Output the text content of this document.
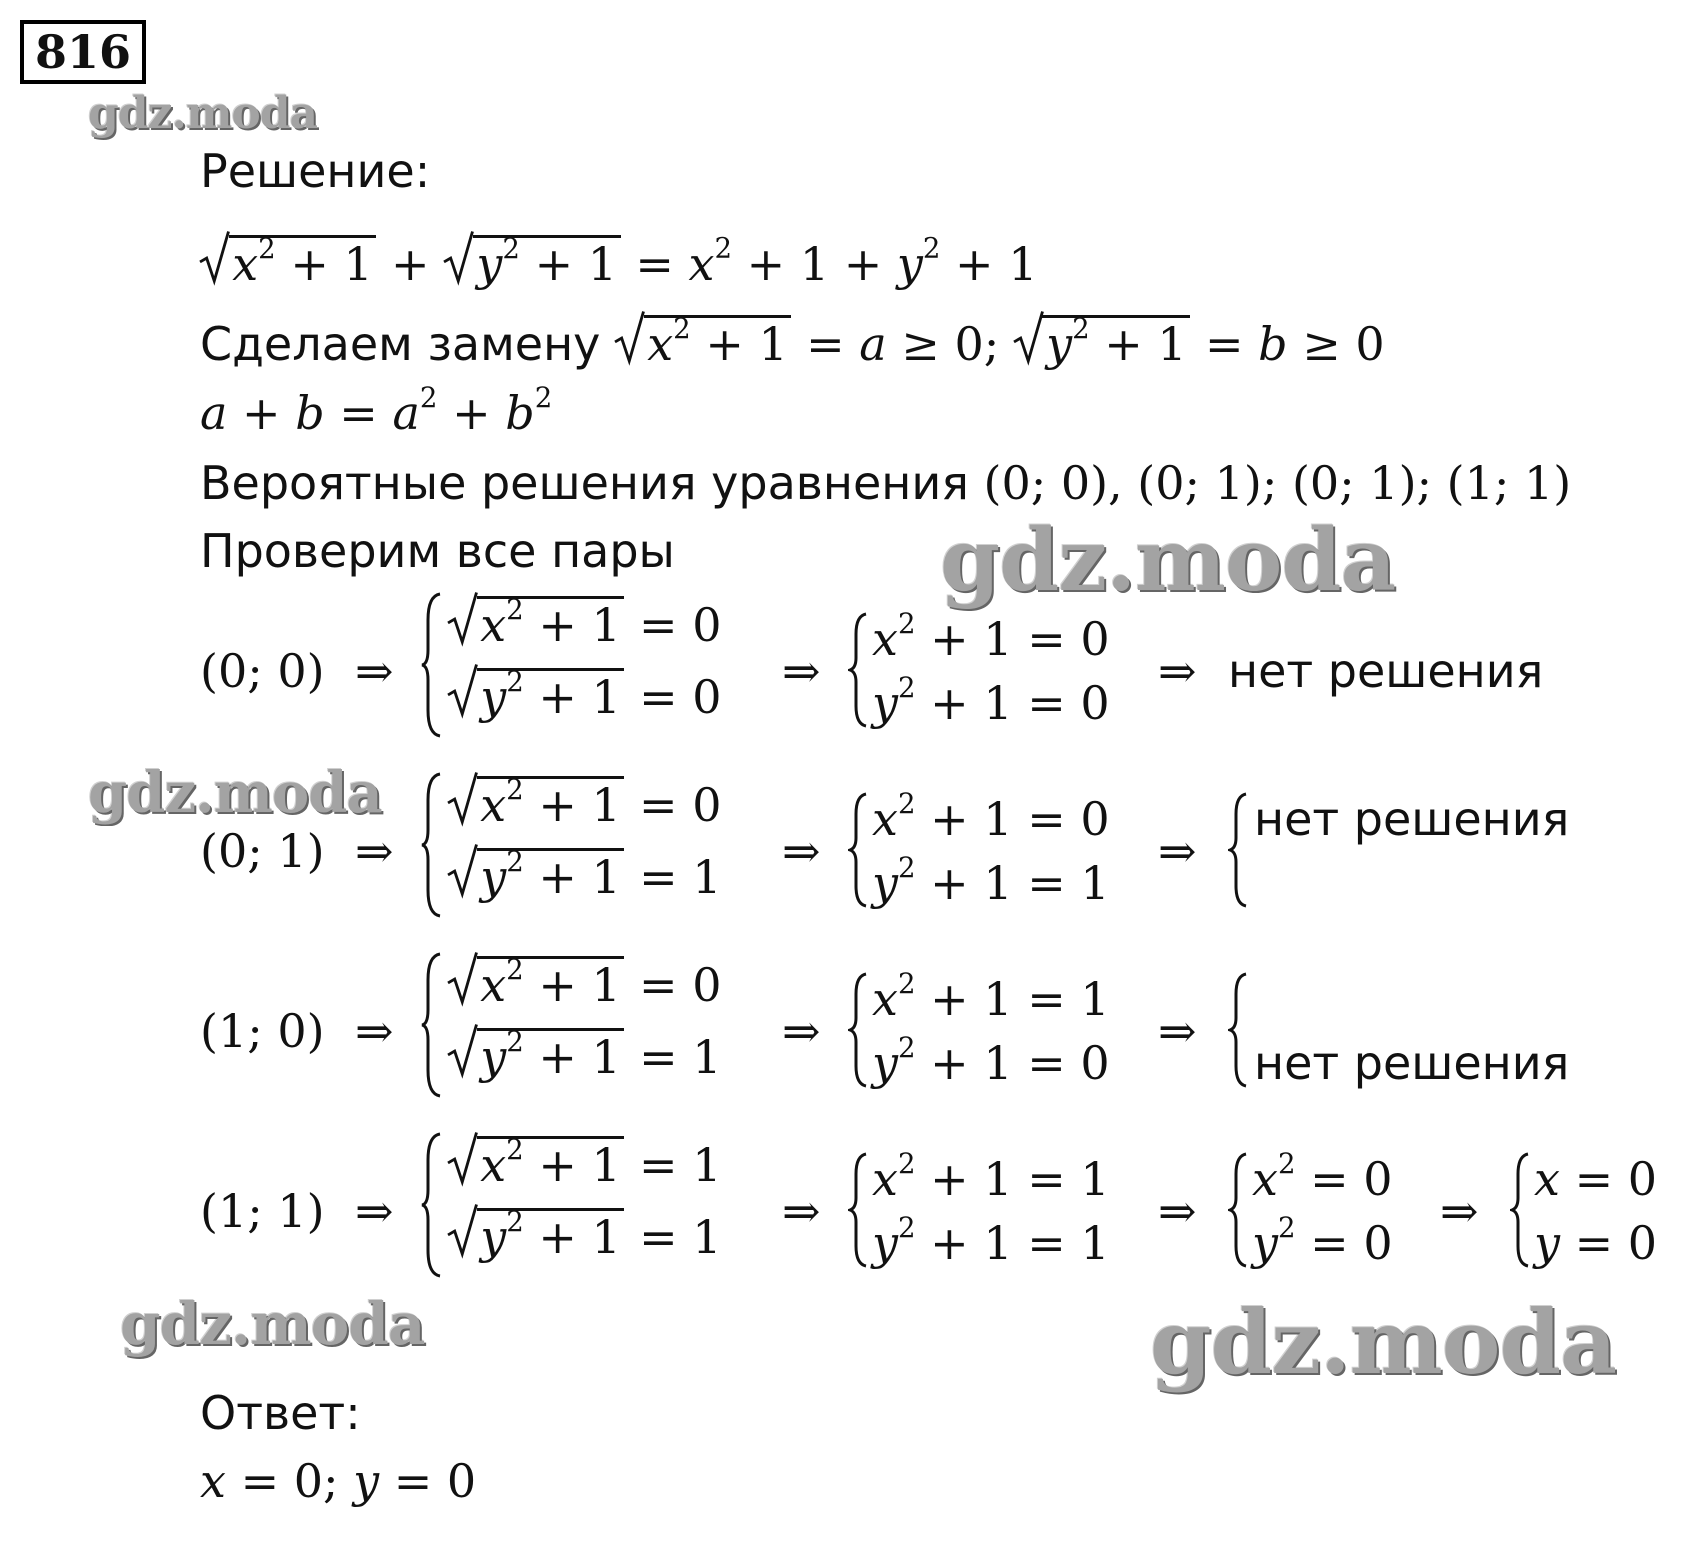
816
gdz.moda
gdz.moda
gdz.moda
gdz.moda	gdz.moda
Решение:
$x^2 + 1$ +
$y^2 + 1 = x^2 + 1 + y^2 + 1$
Сделаем замену $x^2 + 1 = a \ge 0$;
$y^2 + 1 = b \ge 0$
$a + b = a^2 + b^2$
Вероятные решения уравнения (0; 0), (0; 1); (0; 1); (1; 1)
Проверим все пары
(0; 0) ⇒
$x^2 + 1 = 0$
$y^2 + 1 = 0$ ⇒
$x^2 + 1 = 0$
$y^2 + 1 = 0$
⇒ нет решения
(0; 1) ⇒
$x^2 + 1 = 0$
$y^2 + 1 = 1$ ⇒
$x^2 + 1 = 0$
$y^2 + 1 = 1$
⇒
нет решения
(1; 0) ⇒
$x^2 + 1 = 0$
$y^2 + 1 = 1$ ⇒
$x^2 + 1 = 1$
$y^2 + 1 = 0$
⇒
нет решения
(1; 1) ⇒
$x^2 + 1 = 1$
$y^2 + 1 = 1$ ⇒
$x^2 + 1 = 1$
$y^2 + 1 = 1$
⇒
$x^2 = 0$
$y^2 = 0$
⇒
x = 0
y = 0
Ответ:
x = 0; y = 0
